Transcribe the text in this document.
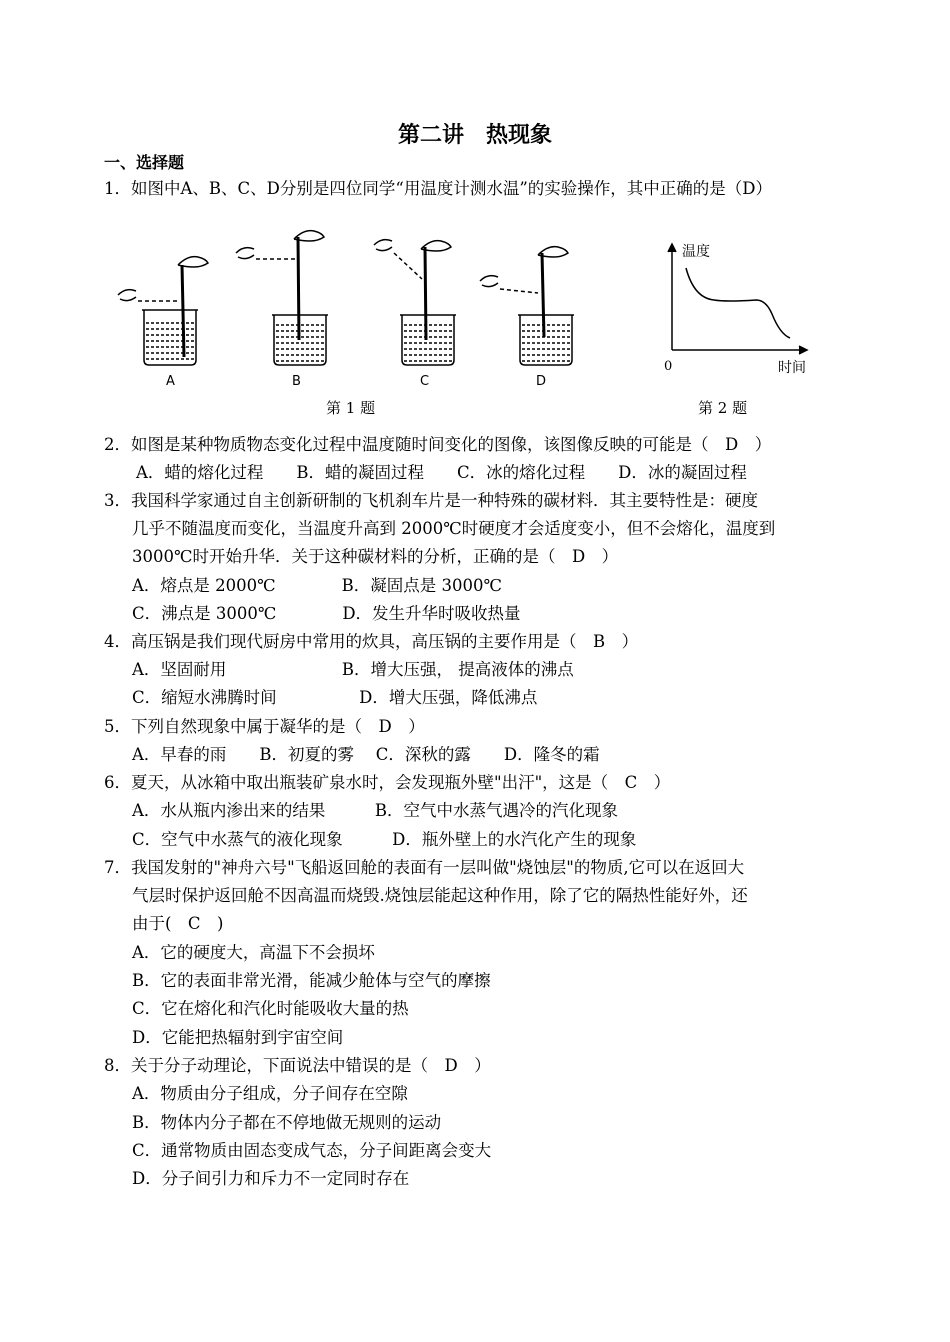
第二讲　热现象
一、选择题
1．如图中A、B、C、D分别是四位同学“用温度计测水温”的实验操作，其中正确的是（D）
A	B	C	D
第 1 题
温度
时间
0
第 2 题
2．如图是某种物质物态变化过程中温度随时间变化的图像，该图像反映的可能是（　D　）
A．蜡的熔化过程　　B．蜡的凝固过程　　C．冰的熔化过程　　D．冰的凝固过程
3．我国科学家通过自主创新研制的飞机刹车片是一种特殊的碳材料．其主要特性是：硬度
几乎不随温度而变化，当温度升高到 2000℃时硬度才会适度变小，但不会熔化，温度到
3000℃时开始升华．关于这种碳材料的分析，正确的是（　D　）
A．熔点是 2000℃　　　　B．凝固点是 3000℃
C．沸点是 3000℃　　　　D．发生升华时吸收热量
4．高压锅是我们现代厨房中常用的炊具，高压锅的主要作用是（　B　）
A．坚固耐用　　　　　　　B．增大压强， 提高液体的沸点
C．缩短水沸腾时间　　　　　D．增大压强，降低沸点
5．下列自然现象中属于凝华的是（　D　）
A．早春的雨　　B．初夏的雾　 C．深秋的露　　D．隆冬的霜
6．夏天，从冰箱中取出瓶装矿泉水时，会发现瓶外壁"出汗"，这是（　C　）
A．水从瓶内渗出来的结果　　　B．空气中水蒸气遇冷的汽化现象
C．空气中水蒸气的液化现象　　　D．瓶外壁上的水汽化产生的现象
7．我国发射的"神舟六号"飞船返回舱的表面有一层叫做"烧蚀层"的物质,它可以在返回大
气层时保护返回舱不因高温而烧毁.烧蚀层能起这种作用，除了它的隔热性能好外，还
由于(　C　)
A．它的硬度大，高温下不会损坏
B．它的表面非常光滑，能减少舱体与空气的摩擦
C．它在熔化和汽化时能吸收大量的热
D．它能把热辐射到宇宙空间
8．关于分子动理论，下面说法中错误的是（　D　）
A．物质由分子组成，分子间存在空隙
B．物体内分子都在不停地做无规则的运动
C．通常物质由固态变成气态，分子间距离会变大
D．分子间引力和斥力不一定同时存在
